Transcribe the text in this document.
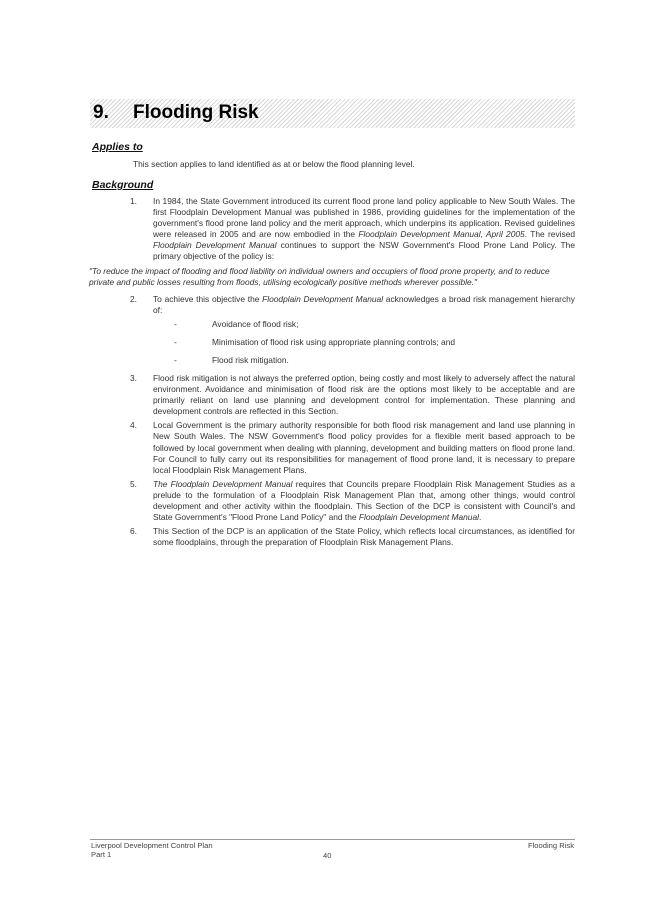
9. Flooding Risk
Applies to
This section applies to land identified as at or below the flood planning level.
Background
1. In 1984, the State Government introduced its current flood prone land policy applicable to New South Wales. The first Floodplain Development Manual was published in 1986, providing guidelines for the implementation of the government's flood prone land policy and the merit approach, which underpins its application. Revised guidelines were released in 2005 and are now embodied in the Floodplain Development Manual, April 2005. The revised Floodplain Development Manual continues to support the NSW Government's Flood Prone Land Policy. The primary objective of the policy is:
"To reduce the impact of flooding and flood liability on individual owners and occupiers of flood prone property, and to reduce private and public losses resulting from floods, utilising ecologically positive methods wherever possible."
2. To achieve this objective the Floodplain Development Manual acknowledges a broad risk management hierarchy of:
-	Avoidance of flood risk;
-	Minimisation of flood risk using appropriate planning controls; and
-	Flood risk mitigation.
3. Flood risk mitigation is not always the preferred option, being costly and most likely to adversely affect the natural environment. Avoidance and minimisation of flood risk are the options most likely to be acceptable and are primarily reliant on land use planning and development control for implementation. These planning and development controls are reflected in this Section.
4. Local Government is the primary authority responsible for both flood risk management and land use planning in New South Wales. The NSW Government's flood policy provides for a flexible merit based approach to be followed by local government when dealing with planning, development and building matters on flood prone land. For Council to fully carry out its responsibilities for management of flood prone land, it is necessary to prepare local Floodplain Risk Management Plans.
5. The Floodplain Development Manual requires that Councils prepare Floodplain Risk Management Studies as a prelude to the formulation of a Floodplain Risk Management Plan that, among other things, would control development and other activity within the floodplain. This Section of the DCP is consistent with Council's and State Government's "Flood Prone Land Policy" and the Floodplain Development Manual.
6. This Section of the DCP is an application of the State Policy, which reflects local circumstances, as identified for some floodplains, through the preparation of Floodplain Risk Management Plans.
Liverpool Development Control Plan	Flooding Risk
Part 1	40
